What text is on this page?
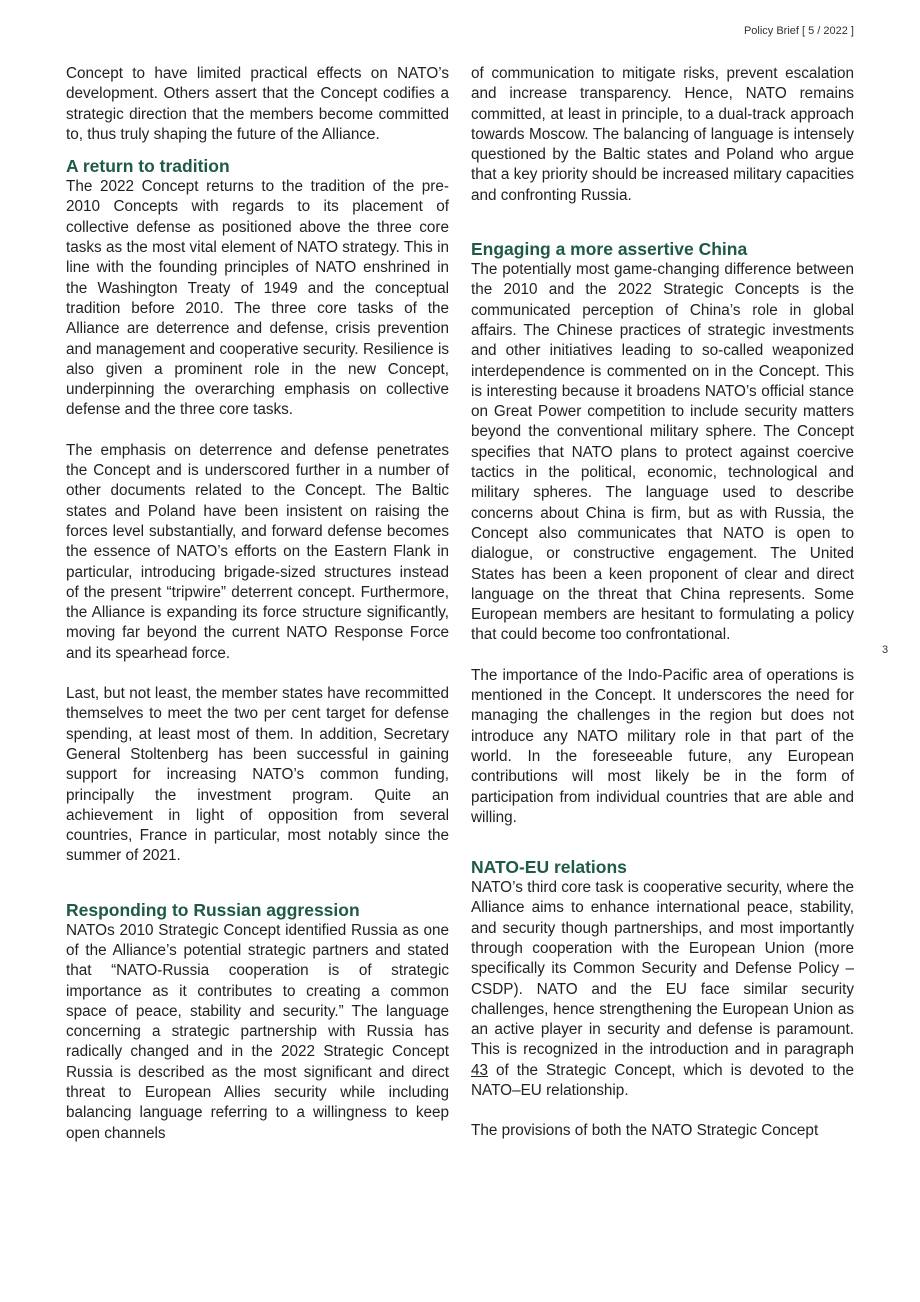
Policy Brief [ 5 / 2022 ]
3

Concept to have limited practical effects on NATO’s development. Others assert that the Concept codifies a strategic direction that the members become committed to, thus truly shaping the future of the Alliance.

A return to tradition

The 2022 Concept returns to the tradition of the pre-2010 Concepts with regards to its placement of collective defense as positioned above the three core tasks as the most vital element of NATO strategy. This in line with the founding principles of NATO enshrined in the Washington Treaty of 1949 and the conceptual tradition before 2010. The three core tasks of the Alliance are deterrence and defense, crisis prevention and management and cooperative security. Resilience is also given a prominent role in the new Concept, underpinning the overarching emphasis on collective defense and the three core tasks.

The emphasis on deterrence and defense penetrates the Concept and is underscored further in a number of other documents related to the Concept. The Baltic states and Poland have been insistent on raising the forces level substantially, and forward defense becomes the essence of NATO’s efforts on the Eastern Flank in particular, introducing brigade-sized structures instead of the present “tripwire” deterrent concept. Furthermore, the Alliance is expanding its force structure significantly, moving far beyond the current NATO Response Force and its spearhead force.

Last, but not least, the member states have recommitted themselves to meet the two per cent target for defense spending, at least most of them. In addition, Secretary General Stoltenberg has been successful in gaining support for increasing NATO’s common funding, principally the investment program. Quite an achievement in light of opposition from several countries, France in particular, most notably since the summer of 2021.

Responding to Russian aggression

NATOs 2010 Strategic Concept identified Russia as one of the Alliance’s potential strategic partners and stated that “NATO-Russia cooperation is of strategic importance as it contributes to creating a common space of peace, stability and security.” The language concerning a strategic partnership with Russia has radically changed and in the 2022 Strategic Concept Russia is described as the most significant and direct threat to European Allies security while including balancing language referring to a willingness to keep open channels

of communication to mitigate risks, prevent escalation and increase transparency. Hence, NATO remains committed, at least in principle, to a dual-track approach towards Moscow. The balancing of language is intensely questioned by the Baltic states and Poland who argue that a key priority should be increased military capacities and confronting Russia.

Engaging a more assertive China

The potentially most game-changing difference between the 2010 and the 2022 Strategic Concepts is the communicated perception of China’s role in global affairs. The Chinese practices of strategic investments and other initiatives leading to so-called weaponized interdependence is commented on in the Concept. This is interesting because it broadens NATO’s official stance on Great Power competition to include security matters beyond the conventional military sphere. The Concept specifies that NATO plans to protect against coercive tactics in the political, economic, technological and military spheres. The language used to describe concerns about China is firm, but as with Russia, the Concept also communicates that NATO is open to dialogue, or constructive engagement. The United States has been a keen proponent of clear and direct language on the threat that China represents. Some European members are hesitant to formulating a policy that could become too confrontational.

The importance of the Indo-Pacific area of operations is mentioned in the Concept. It underscores the need for managing the challenges in the region but does not introduce any NATO military role in that part of the world. In the foreseeable future, any European contributions will most likely be in the form of participation from individual countries that are able and willing.

NATO-EU relations

NATO’s third core task is cooperative security, where the Alliance aims to enhance international peace, stability, and security though partnerships, and most importantly through cooperation with the European Union (more specifically its Common Security and Defense Policy – CSDP). NATO and the EU face similar security challenges, hence strengthening the European Union as an active player in security and defense is paramount. This is recognized in the introduction and in paragraph 43 of the Strategic Concept, which is devoted to the NATO–EU relationship.

The provisions of both the NATO Strategic Concept
